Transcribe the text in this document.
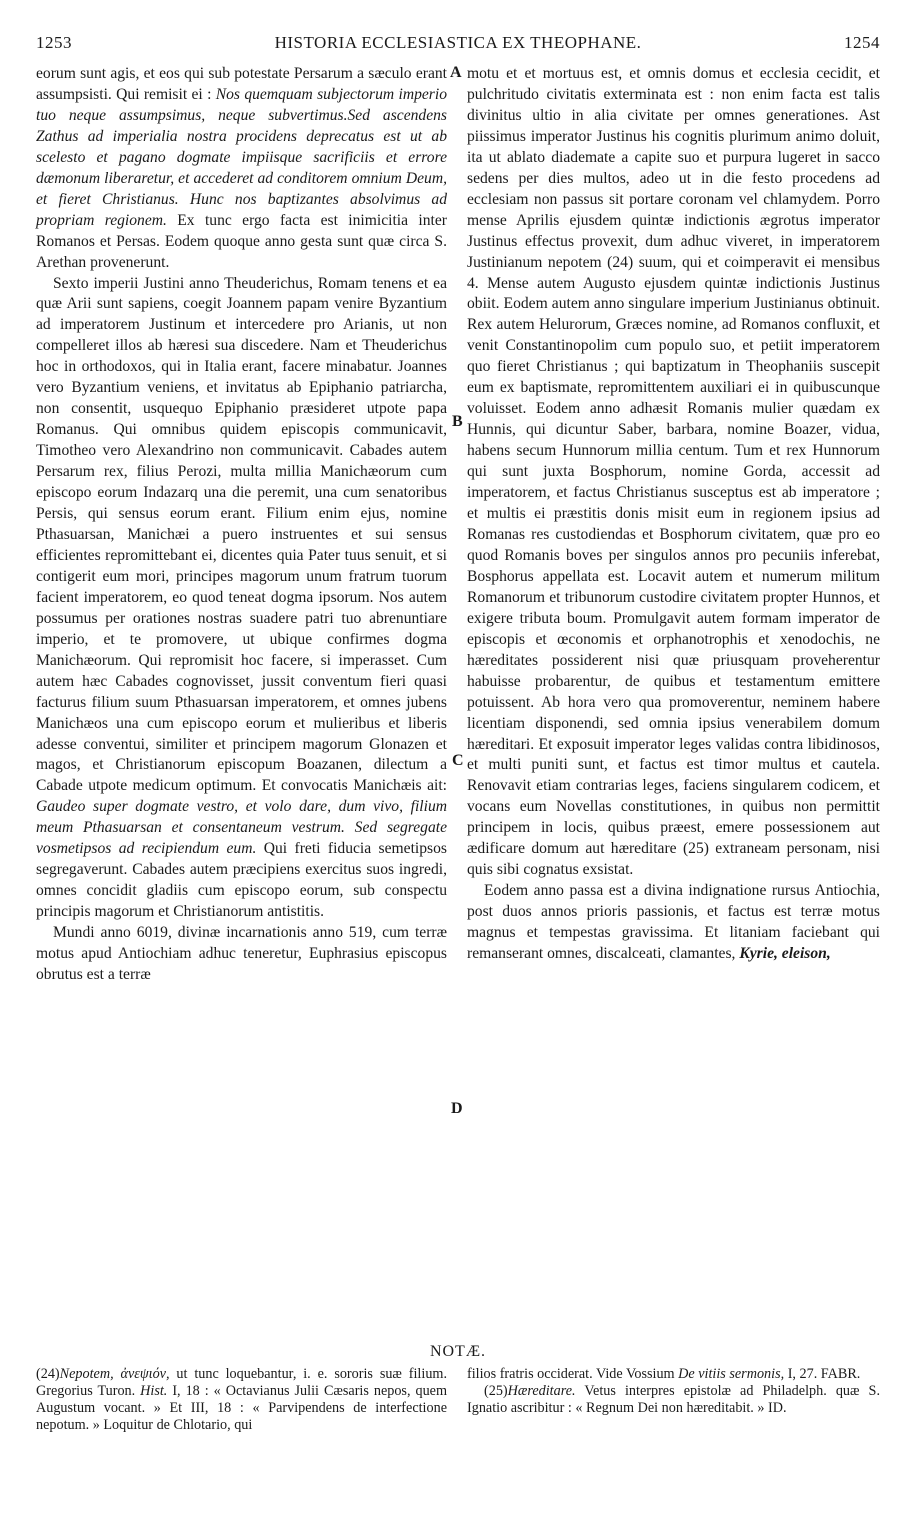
1253	HISTORIA ECCLESIASTICA EX THEOPHANE.	1254
A
B
C
D

eorum sunt agis, et eos qui sub potestate Persarum a sæculo erant assumpsisti. Qui remisit ei : Nos quemquam subjectorum imperio tuo neque assumpsimus, neque subvertimus.Sed ascendens Zathus ad imperialia nostra procidens deprecatus est ut ab scelesto et pagano dogmate impiisque sacrificiis et errore dæmonum liberaretur, et accederet ad conditorem omnium Deum, et fieret Christianus. Hunc nos baptizantes absolvimus ad propriam regionem. Ex tunc ergo facta est inimicitia inter Romanos et Persas. Eodem quoque anno gesta sunt quæ circa S. Arethan provenerunt.

Sexto imperii Justini anno Theuderichus, Romam tenens et ea quæ Arii sunt sapiens, coegit Joannem papam venire Byzantium ad imperatorem Justinum et intercedere pro Arianis, ut non compelleret illos ab hæresi sua discedere. Nam et Theuderichus hoc in orthodoxos, qui in Italia erant, facere minabatur. Joannes vero Byzantium veniens, et invitatus ab Epiphanio patriarcha, non consentit, usquequo Epiphanio præsideret utpote papa Romanus. Qui omnibus quidem episcopis communicavit, Timotheo vero Alexandrino non communicavit. Cabades autem Persarum rex, filius Perozi, multa millia Manichæorum cum episcopo eorum Indazarq una die peremit, una cum senatoribus Persis, qui sensus eorum erant. Filium enim ejus, nomine Pthasuarsan, Manichæi a puero instruentes et sui sensus efficientes repromittebant ei, dicentes quia Pater tuus senuit, et si contigerit eum mori, principes magorum unum fratrum tuorum facient imperatorem, eo quod teneat dogma ipsorum. Nos autem possumus per orationes nostras suadere patri tuo abrenuntiare imperio, et te promovere, ut ubique confirmes dogma Manichæorum. Qui repromisit hoc facere, si imperasset. Cum autem hæc Cabades cognovisset, jussit conventum fieri quasi facturus filium suum Pthasuarsan imperatorem, et omnes jubens Manichæos una cum episcopo eorum et mulieribus et liberis adesse conventui, similiter et principem magorum Glonazen et magos, et Christianorum episcopum Boazanen, dilectum a Cabade utpote medicum optimum. Et convocatis Manichæis ait: Gaudeo super dogmate vestro, et volo dare, dum vivo, filium meum Pthasuarsan et consentaneum vestrum. Sed segregate vosmetipsos ad recipiendum eum. Qui freti fiducia semetipsos segregaverunt. Cabades autem præcipiens exercitus suos ingredi, omnes concidit gladiis cum episcopo eorum, sub conspectu principis magorum et Christianorum antistitis.

Mundi anno 6019, divinæ incarnationis anno 519, cum terræ motus apud Antiochiam adhuc teneretur, Euphrasius episcopus obrutus est a terræ

motu et et mortuus est, et omnis domus et ecclesia cecidit, et pulchritudo civitatis exterminata est : non enim facta est talis divinitus ultio in alia civitate per omnes generationes. Ast piissimus imperator Justinus his cognitis plurimum animo doluit, ita ut ablato diademate a capite suo et purpura lugeret in sacco sedens per dies multos, adeo ut in die festo procedens ad ecclesiam non passus sit portare coronam vel chlamydem. Porro mense Aprilis ejusdem quintæ indictionis ægrotus imperator Justinus effectus provexit, dum adhuc viveret, in imperatorem Justinianum nepotem (24) suum, qui et coimperavit ei mensibus 4. Mense autem Augusto ejusdem quintæ indictionis Justinus obiit. Eodem autem anno singulare imperium Justinianus obtinuit. Rex autem Helurorum, Græces nomine, ad Romanos confluxit, et venit Constantinopolim cum populo suo, et petiit imperatorem quo fieret Christianus ; qui baptizatum in Theophaniis suscepit eum ex baptismate, repromittentem auxiliari ei in quibuscunque voluisset. Eodem anno adhæsit Romanis mulier quædam ex Hunnis, qui dicuntur Saber, barbara, nomine Boazer, vidua, habens secum Hunnorum millia centum. Tum et rex Hunnorum qui sunt juxta Bosphorum, nomine Gorda, accessit ad imperatorem, et factus Christianus susceptus est ab imperatore ; et multis ei præstitis donis misit eum in regionem ipsius ad Romanas res custodiendas et Bosphorum civitatem, quæ pro eo quod Romanis boves per singulos annos pro pecuniis inferebat, Bosphorus appellata est. Locavit autem et numerum militum Romanorum et tribunorum custodire civitatem propter Hunnos, et exigere tributa boum. Promulgavit autem formam imperator de episcopis et œconomis et orphanotrophis et xenodochis, ne hæreditates possiderent nisi quæ priusquam proveherentur habuisse probarentur, de quibus et testamentum emittere potuissent. Ab hora vero qua promoverentur, neminem habere licentiam disponendi, sed omnia ipsius venerabilem domum hæreditari. Et exposuit imperator leges validas contra libidinosos, et multi puniti sunt, et factus est timor multus et cautela. Renovavit etiam contrarias leges, faciens singularem codicem, et vocans eum Novellas constitutiones, in quibus non permittit principem in locis, quibus præest, emere possessionem aut ædificare domum aut hæreditare (25) extraneam personam, nisi quis sibi cognatus exsistat.

Eodem anno passa est a divina indignatione rursus Antiochia, post duos annos prioris passionis, et factus est terræ motus magnus et tempestas gravissima. Et litaniam faciebant qui remanserant omnes, discalceati, clamantes, Kyrie, eleison,

NOTÆ.

(24)Nepotem, ἀνεψιόν, ut tunc loquebantur, i. e. sororis suæ filium. Gregorius Turon. Hist. I, 18 : « Octavianus Julii Cæsaris nepos, quem Augustum vocant. » Et III, 18 : « Parvipendens de interfectione nepotum. » Loquitur de Chlotario, qui

filios fratris occiderat. Vide Vossium De vitiis sermonis, I, 27. FABR.

(25)Hæreditare. Vetus interpres epistolæ ad Philadelph. quæ S. Ignatio ascribitur : « Regnum Dei non hæreditabit. » ID.
